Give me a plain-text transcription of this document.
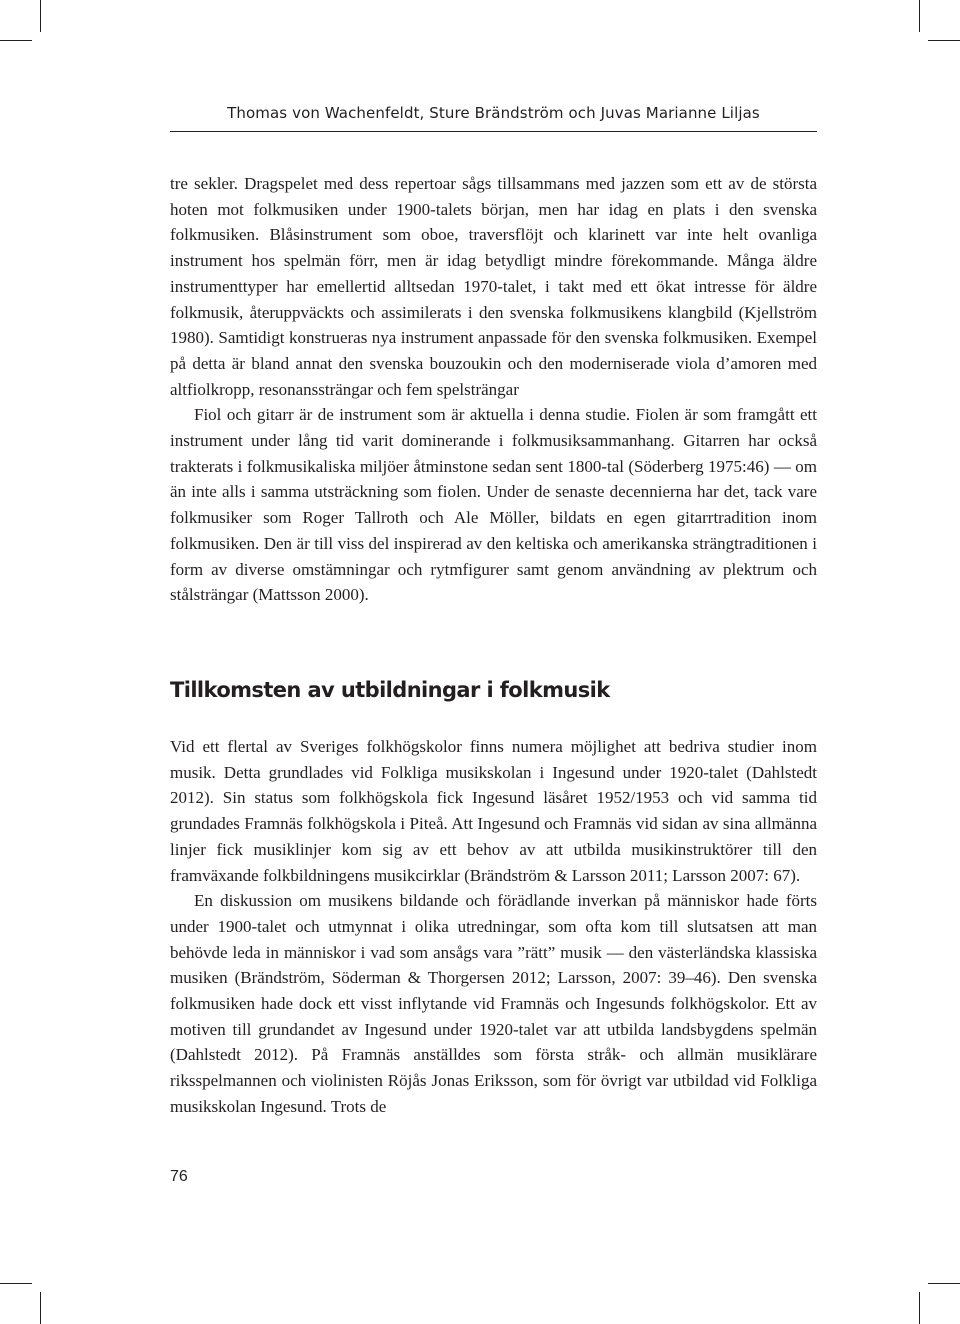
Thomas von Wachenfeldt, Sture Brändström och Juvas Marianne Liljas

tre sekler. Dragspelet med dess repertoar sågs tillsammans med jazzen som ett av de största hoten mot folkmusiken under 1900-talets början, men har idag en plats i den svenska folkmusiken. Blåsinstrument som oboe, traversflöjt och klarinett var inte helt ovanliga instrument hos spelmän förr, men är idag betydligt mindre förekommande. Många äldre instrumenttyper har emellertid alltsedan 1970-talet, i takt med ett ökat intresse för äldre folkmusik, återuppväckts och assimilerats i den svenska folkmusikens klangbild (Kjellström 1980). Samtidigt konstrueras nya instrument anpassade för den svenska folkmusiken. Exempel på detta är bland annat den svenska bouzoukin och den moderniserade viola d’amoren med altfiolkropp, resonanssträngar och fem spelsträngar

Fiol och gitarr är de instrument som är aktuella i denna studie. Fiolen är som framgått ett instrument under lång tid varit dominerande i folkmusiksammanhang. Gitarren har också trakterats i folkmusikaliska miljöer åtminstone sedan sent 1800-tal (Söderberg 1975:46) — om än inte alls i samma utsträckning som fiolen. Under de senaste decennierna har det, tack vare folkmusiker som Roger Tallroth och Ale Möller, bildats en egen gitarrtradition inom folkmusiken. Den är till viss del inspirerad av den keltiska och amerikanska strängtraditionen i form av diverse omstämningar och rytmfigurer samt genom användning av plektrum och stålsträngar (Mattsson 2000).

Tillkomsten av utbildningar i folkmusik

Vid ett flertal av Sveriges folkhögskolor finns numera möjlighet att bedriva studier inom musik. Detta grundlades vid Folkliga musikskolan i Ingesund under 1920-talet (Dahlstedt 2012). Sin status som folkhögskola fick Ingesund läsåret 1952/1953 och vid samma tid grundades Framnäs folkhögskola i Piteå. Att Ingesund och Framnäs vid sidan av sina allmänna linjer fick musiklinjer kom sig av ett behov av att utbilda musikinstruktörer till den framväxande folkbildningens musikcirklar (Brändström & Larsson 2011; Larsson 2007: 67).

En diskussion om musikens bildande och förädlande inverkan på människor hade förts under 1900-talet och utmynnat i olika utredningar, som ofta kom till slutsatsen att man behövde leda in människor i vad som ansågs vara ”rätt” musik — den västerländska klassiska musiken (Brändström, Söderman & Thorgersen 2012; Larsson, 2007: 39–46). Den svenska folkmusiken hade dock ett visst inflytande vid Framnäs och Ingesunds folkhögskolor. Ett av motiven till grundandet av Ingesund under 1920-talet var att utbilda landsbygdens spelmän (Dahlstedt 2012). På Framnäs anställdes som första stråk- och allmän musiklärare riksspelmannen och violinisten Röjås Jonas Eriksson, som för övrigt var utbildad vid Folkliga musikskolan Ingesund. Trots de

76
